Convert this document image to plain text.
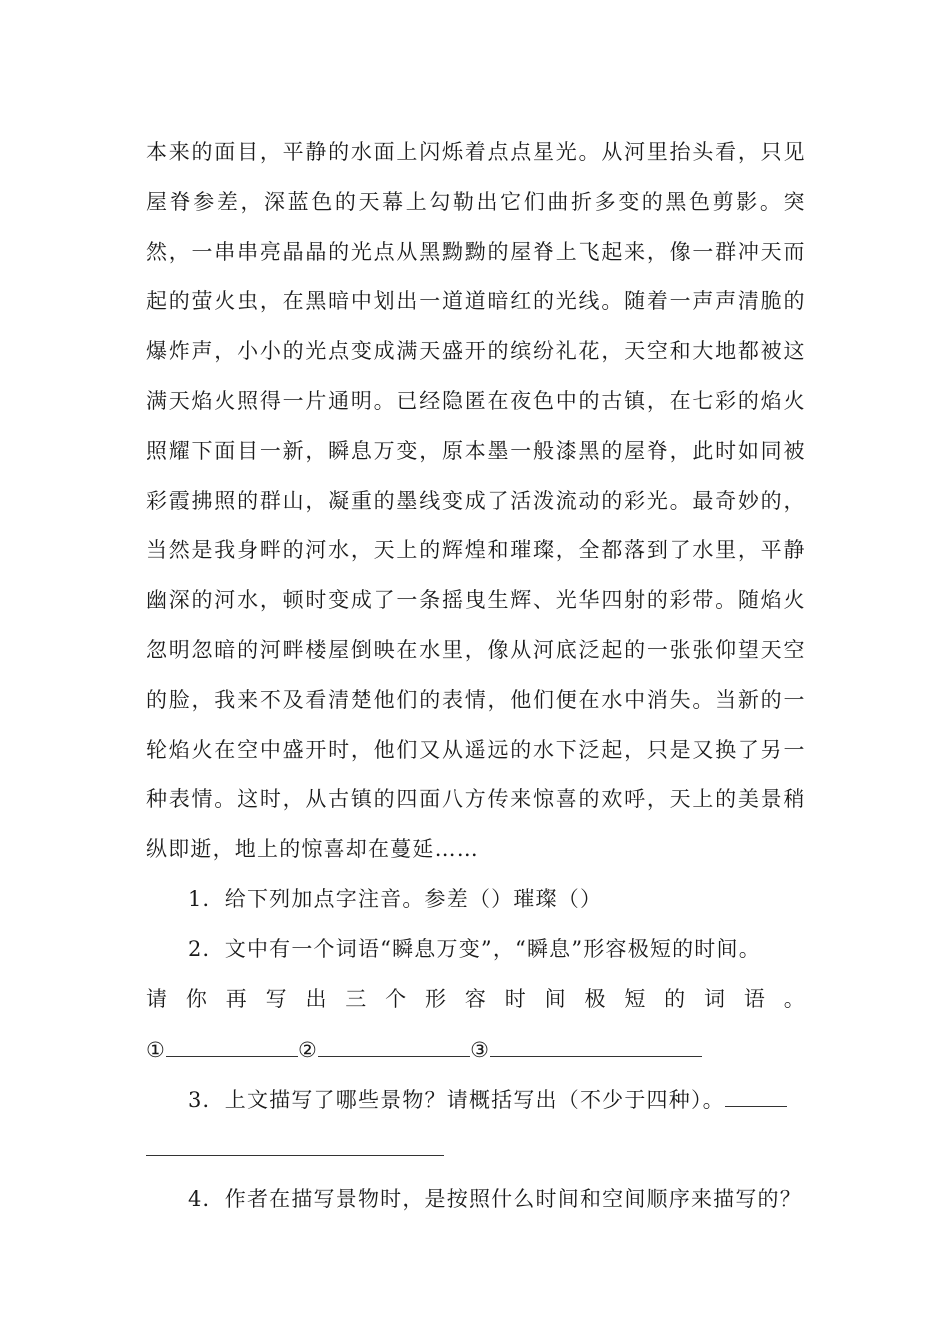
本 来 的 面 目 ， 平 静 的 水 面 上 闪 烁 着 点 点 星 光 。 从 河 里 抬 头 看 ， 只 见
屋 脊 参 差 ， 深 蓝 色 的 天 幕 上 勾 勒 出 它 们 曲 折 多 变 的 黑 色 剪 影 。 突
然 ， 一 串 串 亮 晶 晶 的 光 点 从 黑 黝 黝 的 屋 脊 上 飞 起 来 ， 像 一 群 冲 天 而
起 的 萤 火 虫 ， 在 黑 暗 中 划 出 一 道 道 暗 红 的 光 线 。 随 着 一 声 声 清 脆 的
爆 炸 声 ， 小 小 的 光 点 变 成 满 天 盛 开 的 缤 纷 礼 花 ， 天 空 和 大 地 都 被 这
满 天 焰 火 照 得 一 片 通 明 。 已 经 隐 匿 在 夜 色 中 的 古 镇 ， 在 七 彩 的 焰 火
照 耀 下 面 目 一 新 ， 瞬 息 万 变 ， 原 本 墨 一 般 漆 黑 的 屋 脊 ， 此 时 如 同 被
彩 霞 拂 照 的 群 山 ， 凝 重 的 墨 线 变 成 了 活 泼 流 动 的 彩 光 。 最 奇 妙 的 ，
当 然 是 我 身 畔 的 河 水 ， 天 上 的 辉 煌 和 璀 璨 ， 全 都 落 到 了 水 里 ， 平 静
幽 深 的 河 水 ， 顿 时 变 成 了 一 条 摇 曳 生 辉 、 光 华 四 射 的 彩 带 。 随 焰 火
忽 明 忽 暗 的 河 畔 楼 屋 倒 映 在 水 里 ， 像 从 河 底 泛 起 的 一 张 张 仰 望 天 空
的 脸 ， 我 来 不 及 看 清 楚 他 们 的 表 情 ， 他 们 便 在 水 中 消 失 。 当 新 的 一
轮 焰 火 在 空 中 盛 开 时 ， 他 们 又 从 遥 远 的 水 下 泛 起 ， 只 是 又 换 了 另 一
种 表 情 。 这 时 ， 从 古 镇 的 四 面 八 方 传 来 惊 喜 的 欢 呼 ， 天 上 的 美 景 稍
纵即逝，地上的惊喜却在蔓延……
1．给下列加点字注音。参差（）璀璨（）
2．文中有一个词语“瞬息万变”，“瞬息”形容极短的时间。
请 你 再 写 出 三 个 形 容 时 间 极 短 的 词 语 。
①	②	③
3．上文描写了哪些景物？请概括写出（不少于四种）。
4．作者在描写景物时，是按照什么时间和空间顺序来描写的？
